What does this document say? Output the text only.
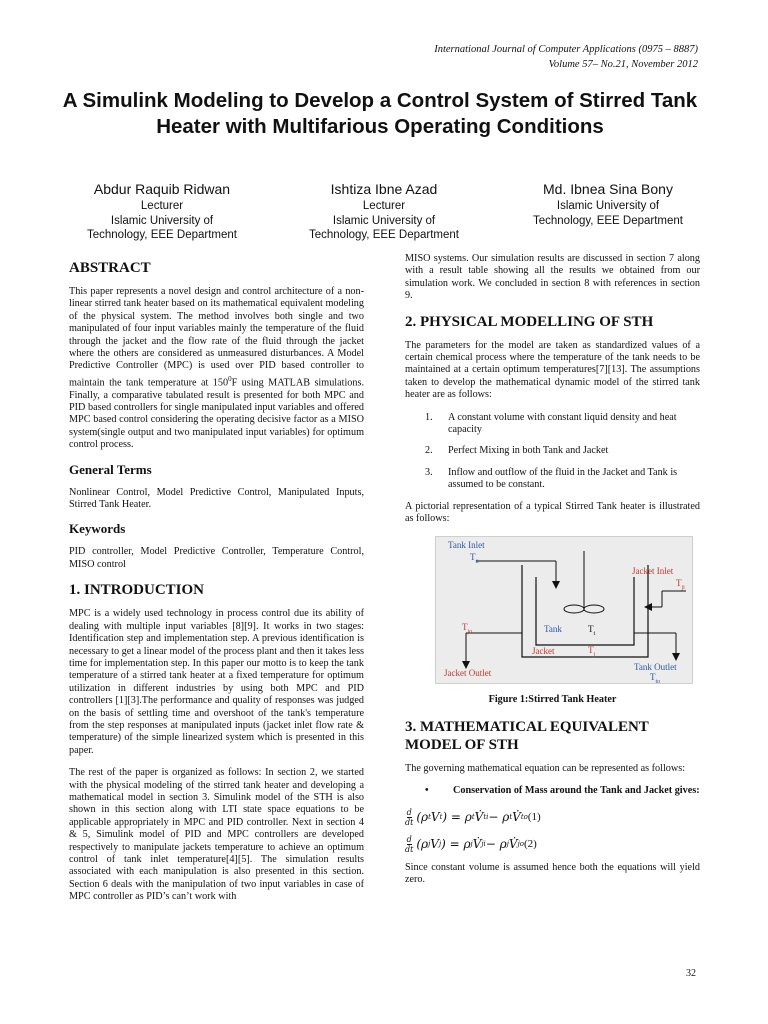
International Journal of Computer Applications (0975 – 8887)
Volume 57– No.21, November 2012
A Simulink Modeling to Develop a Control System of Stirred Tank Heater with Multifarious Operating Conditions
Abdur Raquib Ridwan
Lecturer
Islamic University of
Technology, EEE Department
Ishtiza Ibne Azad
Lecturer
Islamic University of
Technology, EEE Department
Md. Ibnea Sina Bony
Islamic University of
Technology, EEE Department
ABSTRACT

This paper represents a novel design and control architecture of a non-linear stirred tank heater based on its mathematical equivalent modeling of the physical system. The method involves both single and two manipulated of four input variables mainly the temperature of the fluid through the jacket and the flow rate of the fluid through the jacket where the others are considered as unmeasured disturbances. A Model Predictive Controller (MPC) is used over PID based controller to maintain the tank temperature at $150^0F$ using MATLAB simulations. Finally, a comparative tabulated result is presented for both MPC and PID based controllers for single manipulated input variables and offered MPC based control considering the operating decisive factor as a MISO system(single output and two manipulated input variables) for optimum control process.

General Terms

Nonlinear Control, Model Predictive Control, Manipulated Inputs, Stirred Tank Heater.

Keywords

PID controller, Model Predictive Controller, Temperature Control, MISO control

1. INTRODUCTION

MPC is a widely used technology in process control due its ability of dealing with multiple input variables [8][9]. It works in two stages: Identification step and implementation step. A previous identification is necessary to get a linear model of the process plant and then it takes less time for implementation step. In this paper our motto is to keep the tank temperature of a stirred tank heater at a fixed temperature for optimum utilization in different industries by using both MPC and PID controllers [1][3].The performance and quality of responses was judged on the basis of settling time and overshoot of the tank's temperature from the step responses at manipulated inputs (jacket inlet flow rate & temperature) of the simple linearized system which is presented in this paper.

The rest of the paper is organized as follows: In section 2, we started with the physical modeling of the stirred tank heater and developing a mathematical model in section 3. Simulink model of the STH is also shown in this section along with LTI state space equations to be applicable appropriately in MPC and PID controller. Next in section 4 & 5, Simulink model of PID and MPC controllers are developed respectively to manipulate jackets temperature to achieve an optimum control of tank inlet temperature[4][5]. The simulation results associated with each manipulation is also presented in this section. Section 6 deals with the manipulation of two input variables in case of MPC controller as PID’s can’t work with

MISO systems. Our simulation results are discussed in section 7 along with a result table showing all the results we obtained from our simulation work. We concluded in section 8 with references in section 9.

2. PHYSICAL MODELLING OF STH

The parameters for the model are taken as standardized values of a certain chemical process where the temperature of the tank needs to be maintained at a certain optimum temperatures[7][13]. The assumptions taken to develop the mathematical dynamic model of the stirred tank heater are as follows:

1.	A constant volume with constant liquid density and heat capacity
2.	Perfect Mixing in both Tank and Jacket
3.	Inflow and outflow of the fluid in the Jacket and Tank is assumed to be constant.

A pictorial representation of a typical Stirred Tank heater is illustrated as follows:

Tank Inlet
$T_{ti}$
Jacket Inlet
$T_{ji}$
$T_{jo}$	Tank	$T_t$
Jacket	$T_j$
Jacket Outlet
Tank Outlet
$T_{to}$
Figure 1:Stirred Tank Heater
3. MATHEMATICAL EQUIVALENT
MODEL OF STH

The governing mathematical equation can be represented as follows:

•	Conservation of Mass around the Tank and Jacket gives:
$\frac{d}{dt} (\rho$ t V t ) = ρ t V̇ ti − ρ t V̇ to (1)
$\frac{d}{dt} (\rho$ j V j ) = ρ j V̇ ji − ρ j V̇ jo (2)

Since constant volume is assumed hence both the equations will yield zero.

32
